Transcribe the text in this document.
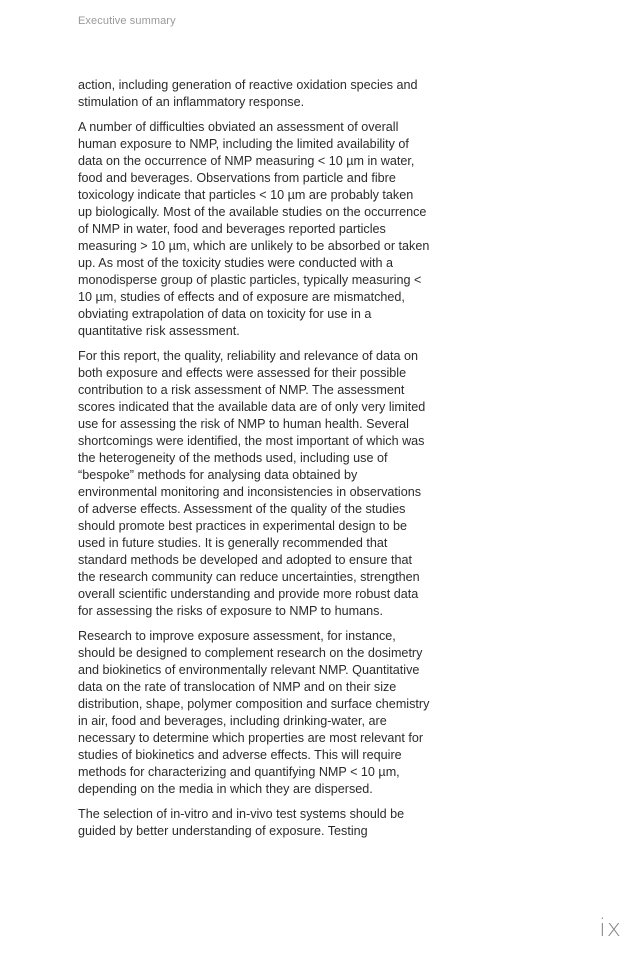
Executive summary

action, including generation of reactive oxidation species and stimulation of an inflammatory response.

A number of difficulties obviated an assessment of overall human exposure to NMP, including the limited availability of data on the occurrence of NMP measuring < 10 µm in water, food and beverages. Observations from particle and fibre toxicology indicate that particles < 10 µm are probably taken up biologically. Most of the available studies on the occurrence of NMP in water, food and beverages reported particles measuring > 10 µm, which are unlikely to be absorbed or taken up. As most of the toxicity studies were conducted with a monodisperse group of plastic particles, typically measuring < 10 µm, studies of effects and of exposure are mismatched, obviating extrapolation of data on toxicity for use in a quantitative risk assessment.

For this report, the quality, reliability and relevance of data on both exposure and effects were assessed for their possible contribution to a risk assessment of NMP. The assessment scores indicated that the available data are of only very limited use for assessing the risk of NMP to human health. Several shortcomings were identified, the most important of which was the heterogeneity of the methods used, including use of “bespoke” methods for analysing data obtained by environmental monitoring and inconsistencies in observations of adverse effects. Assessment of the quality of the studies should promote best practices in experimental design to be used in future studies. It is generally recommended that standard methods be developed and adopted to ensure that the research community can reduce uncertainties, strengthen overall scientific understanding and provide more robust data for assessing the risks of exposure to NMP to humans.

Research to improve exposure assessment, for instance, should be designed to complement research on the dosimetry and biokinetics of environmentally relevant NMP. Quantitative data on the rate of translocation of NMP and on their size distribution, shape, polymer composition and surface chemistry in air, food and beverages, including drinking-water, are necessary to determine which properties are most relevant for studies of biokinetics and adverse effects. This will require methods for characterizing and quantifying NMP < 10 µm, depending on the media in which they are dispersed.

The selection of in-vitro and in-vivo test systems should be guided by better understanding of exposure. Testing

ix
